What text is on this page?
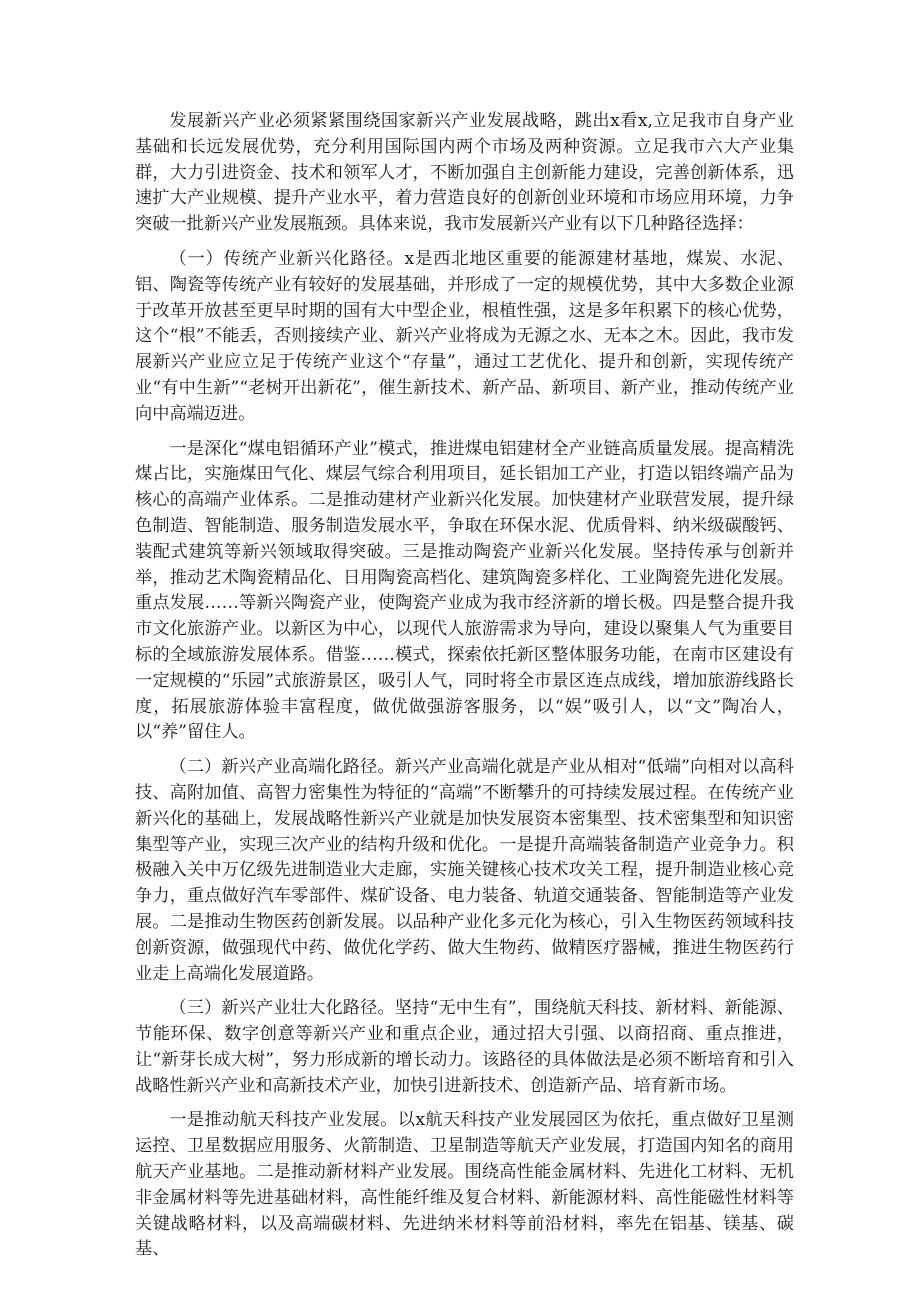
发展新兴产业必须紧紧围绕国家新兴产业发展战略，跳出x看x,立足我市自身产业基础和长远发展优势，充分利用国际国内两个市场及两种资源。立足我市六大产业集群，大力引进资金、技术和领军人才，不断加强自主创新能力建设，完善创新体系，迅速扩大产业规模、提升产业水平，着力营造良好的创新创业环境和市场应用环境，力争突破一批新兴产业发展瓶颈。具体来说，我市发展新兴产业有以下几种路径选择：

（一）传统产业新兴化路径。x是西北地区重要的能源建材基地，煤炭、水泥、铝、陶瓷等传统产业有较好的发展基础，并形成了一定的规模优势，其中大多数企业源于改革开放甚至更早时期的国有大中型企业，根植性强，这是多年积累下的核心优势，这个“根”不能丢，否则接续产业、新兴产业将成为无源之水、无本之木。因此，我市发展新兴产业应立足于传统产业这个“存量”，通过工艺优化、提升和创新，实现传统产业“有中生新”“老树开出新花”，催生新技术、新产品、新项目、新产业，推动传统产业向中高端迈进。

一是深化“煤电铝循环产业”模式，推进煤电铝建材全产业链高质量发展。提高精洗煤占比，实施煤田气化、煤层气综合利用项目，延长铝加工产业，打造以铝终端产品为核心的高端产业体系。二是推动建材产业新兴化发展。加快建材产业联营发展，提升绿色制造、智能制造、服务制造发展水平，争取在环保水泥、优质骨料、纳米级碳酸钙、装配式建筑等新兴领域取得突破。三是推动陶瓷产业新兴化发展。坚持传承与创新并举，推动艺术陶瓷精品化、日用陶瓷高档化、建筑陶瓷多样化、工业陶瓷先进化发展。重点发展……等新兴陶瓷产业，使陶瓷产业成为我市经济新的增长极。四是整合提升我市文化旅游产业。以新区为中心，以现代人旅游需求为导向，建设以聚集人气为重要目标的全域旅游发展体系。借鉴……模式，探索依托新区整体服务功能，在南市区建设有一定规模的“乐园”式旅游景区，吸引人气，同时将全市景区连点成线，增加旅游线路长度，拓展旅游体验丰富程度，做优做强游客服务，以“娱”吸引人，以“文”陶冶人，以“养”留住人。

（二）新兴产业高端化路径。新兴产业高端化就是产业从相对“低端”向相对以高科技、高附加值、高智力密集性为特征的“高端”不断攀升的可持续发展过程。在传统产业新兴化的基础上，发展战略性新兴产业就是加快发展资本密集型、技术密集型和知识密集型等产业，实现三次产业的结构升级和优化。一是提升高端装备制造产业竞争力。积极融入关中万亿级先进制造业大走廊，实施关键核心技术攻关工程，提升制造业核心竞争力，重点做好汽车零部件、煤矿设备、电力装备、轨道交通装备、智能制造等产业发展。二是推动生物医药创新发展。以品种产业化多元化为核心，引入生物医药领域科技创新资源，做强现代中药、做优化学药、做大生物药、做精医疗器械，推进生物医药行业走上高端化发展道路。

（三）新兴产业壮大化路径。坚持“无中生有”，围绕航天科技、新材料、新能源、节能环保、数字创意等新兴产业和重点企业，通过招大引强、以商招商、重点推进，让“新芽长成大树”，努力形成新的增长动力。该路径的具体做法是必须不断培育和引入战略性新兴产业和高新技术产业，加快引进新技术、创造新产品、培育新市场。

一是推动航天科技产业发展。以x航天科技产业发展园区为依托，重点做好卫星测运控、卫星数据应用服务、火箭制造、卫星制造等航天产业发展，打造国内知名的商用航天产业基地。二是推动新材料产业发展。围绕高性能金属材料、先进化工材料、无机非金属材料等先进基础材料，高性能纤维及复合材料、新能源材料、高性能磁性材料等关键战略材料，以及高端碳材料、先进纳米材料等前沿材料，率先在铝基、镁基、碳基、
